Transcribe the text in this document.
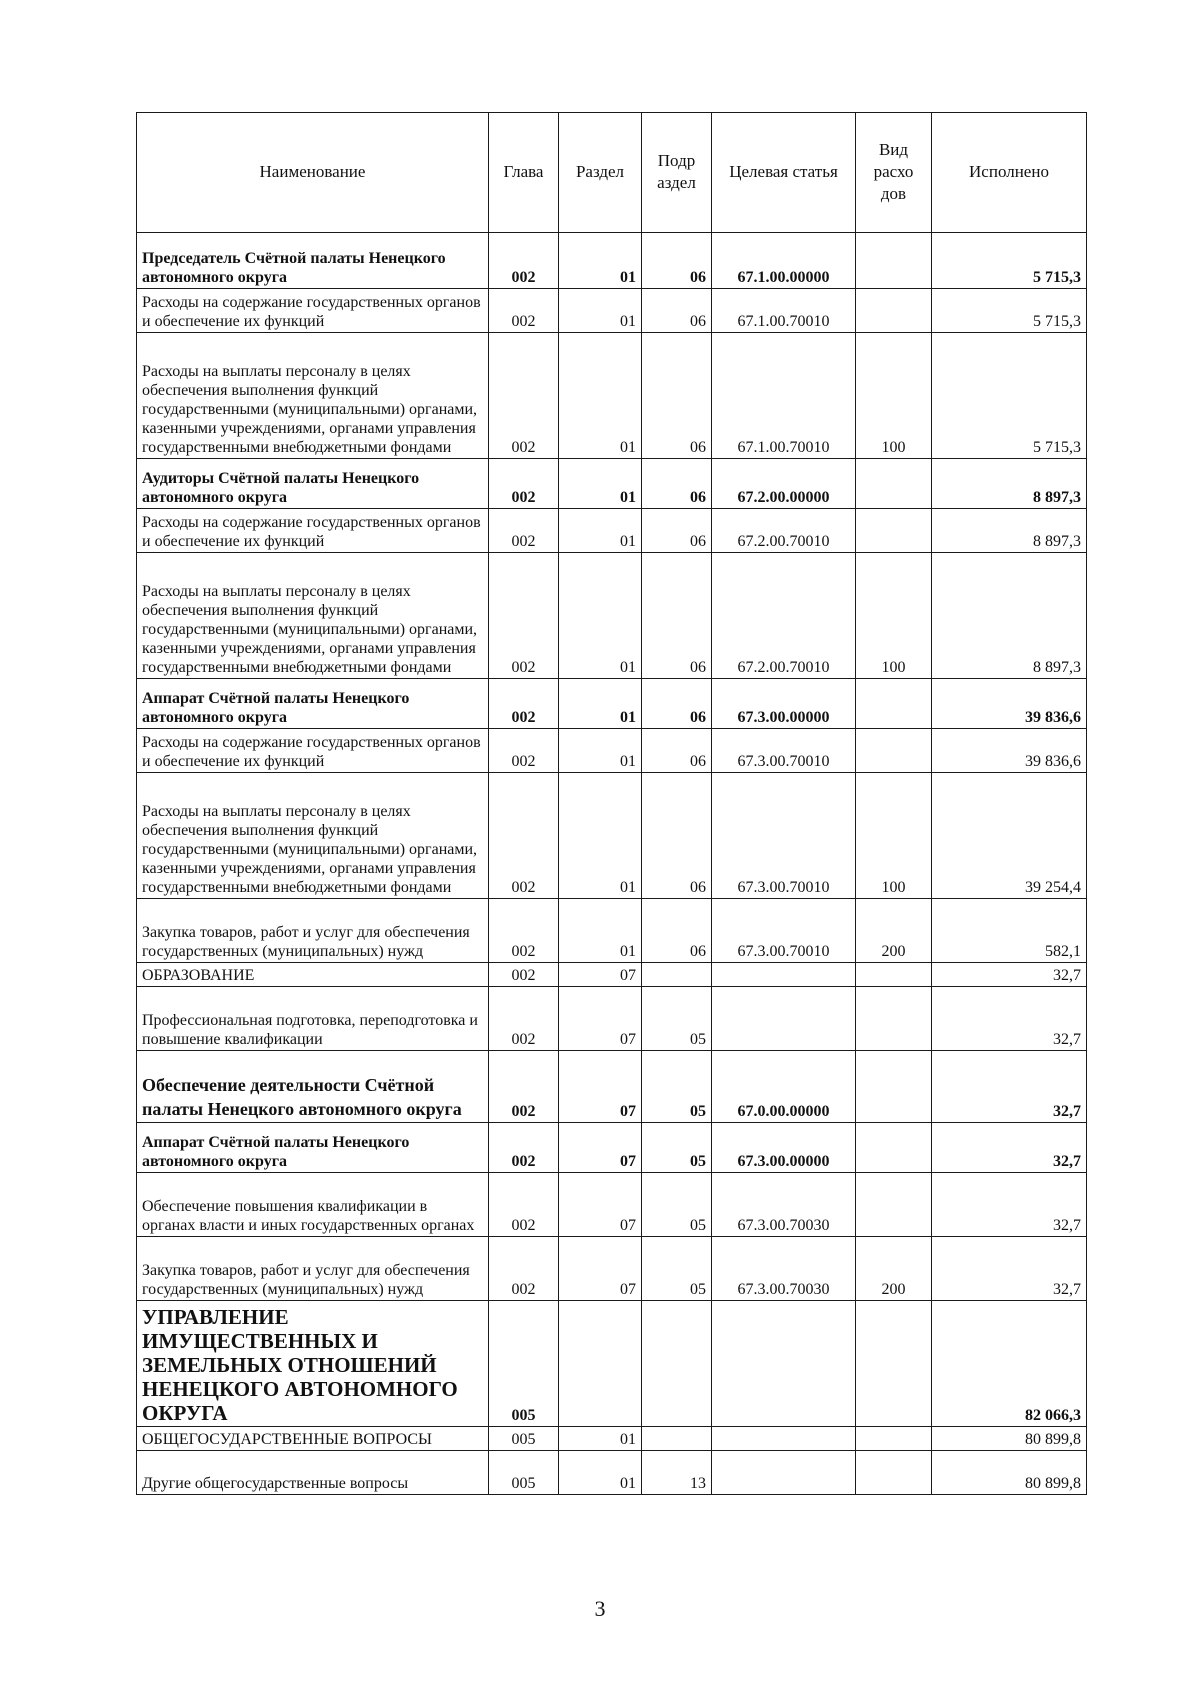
Наименование	Глава	Раздел	Подр аздел	Целевая статья	Вид расхо дов	Исполнено
Председатель Счётной палаты Ненецкого автономного округа	002	01	06	67.1.00.00000		5 715,3
Расходы на содержание государственных органов и обеспечение их функций	002	01	06	67.1.00.70010		5 715,3
Расходы на выплаты персоналу в целях обеспечения выполнения функций государственными (муниципальными) органами, казенными учреждениями, органами управления государственными внебюджетными фондами	002	01	06	67.1.00.70010	100	5 715,3
Аудиторы Счётной палаты Ненецкого автономного округа	002	01	06	67.2.00.00000		8 897,3
Расходы на содержание государственных органов и обеспечение их функций	002	01	06	67.2.00.70010		8 897,3
Расходы на выплаты персоналу в целях обеспечения выполнения функций государственными (муниципальными) органами, казенными учреждениями, органами управления государственными внебюджетными фондами	002	01	06	67.2.00.70010	100	8 897,3
Аппарат Счётной палаты Ненецкого автономного округа	002	01	06	67.3.00.00000		39 836,6
Расходы на содержание государственных органов и обеспечение их функций	002	01	06	67.3.00.70010		39 836,6
Расходы на выплаты персоналу в целях обеспечения выполнения функций государственными (муниципальными) органами, казенными учреждениями, органами управления государственными внебюджетными фондами	002	01	06	67.3.00.70010	100	39 254,4
Закупка товаров, работ и услуг для обеспечения государственных (муниципальных) нужд	002	01	06	67.3.00.70010	200	582,1
ОБРАЗОВАНИЕ	002	07				32,7
Профессиональная подготовка, переподготовка и повышение квалификации	002	07	05			32,7
Обеспечение деятельности Счётной палаты Ненецкого автономного округа	002	07	05	67.0.00.00000		32,7
Аппарат Счётной палаты Ненецкого автономного округа	002	07	05	67.3.00.00000		32,7
Обеспечение повышения квалификации в органах власти и иных государственных органах	002	07	05	67.3.00.70030		32,7
Закупка товаров, работ и услуг для обеспечения государственных (муниципальных) нужд	002	07	05	67.3.00.70030	200	32,7
УПРАВЛЕНИЕ ИМУЩЕСТВЕННЫХ И ЗЕМЕЛЬНЫХ ОТНОШЕНИЙ НЕНЕЦКОГО АВТОНОМНОГО ОКРУГА	005					82 066,3
ОБЩЕГОСУДАРСТВЕННЫЕ ВОПРОСЫ	005	01				80 899,8
Другие общегосударственные вопросы	005	01	13			80 899,8
3
